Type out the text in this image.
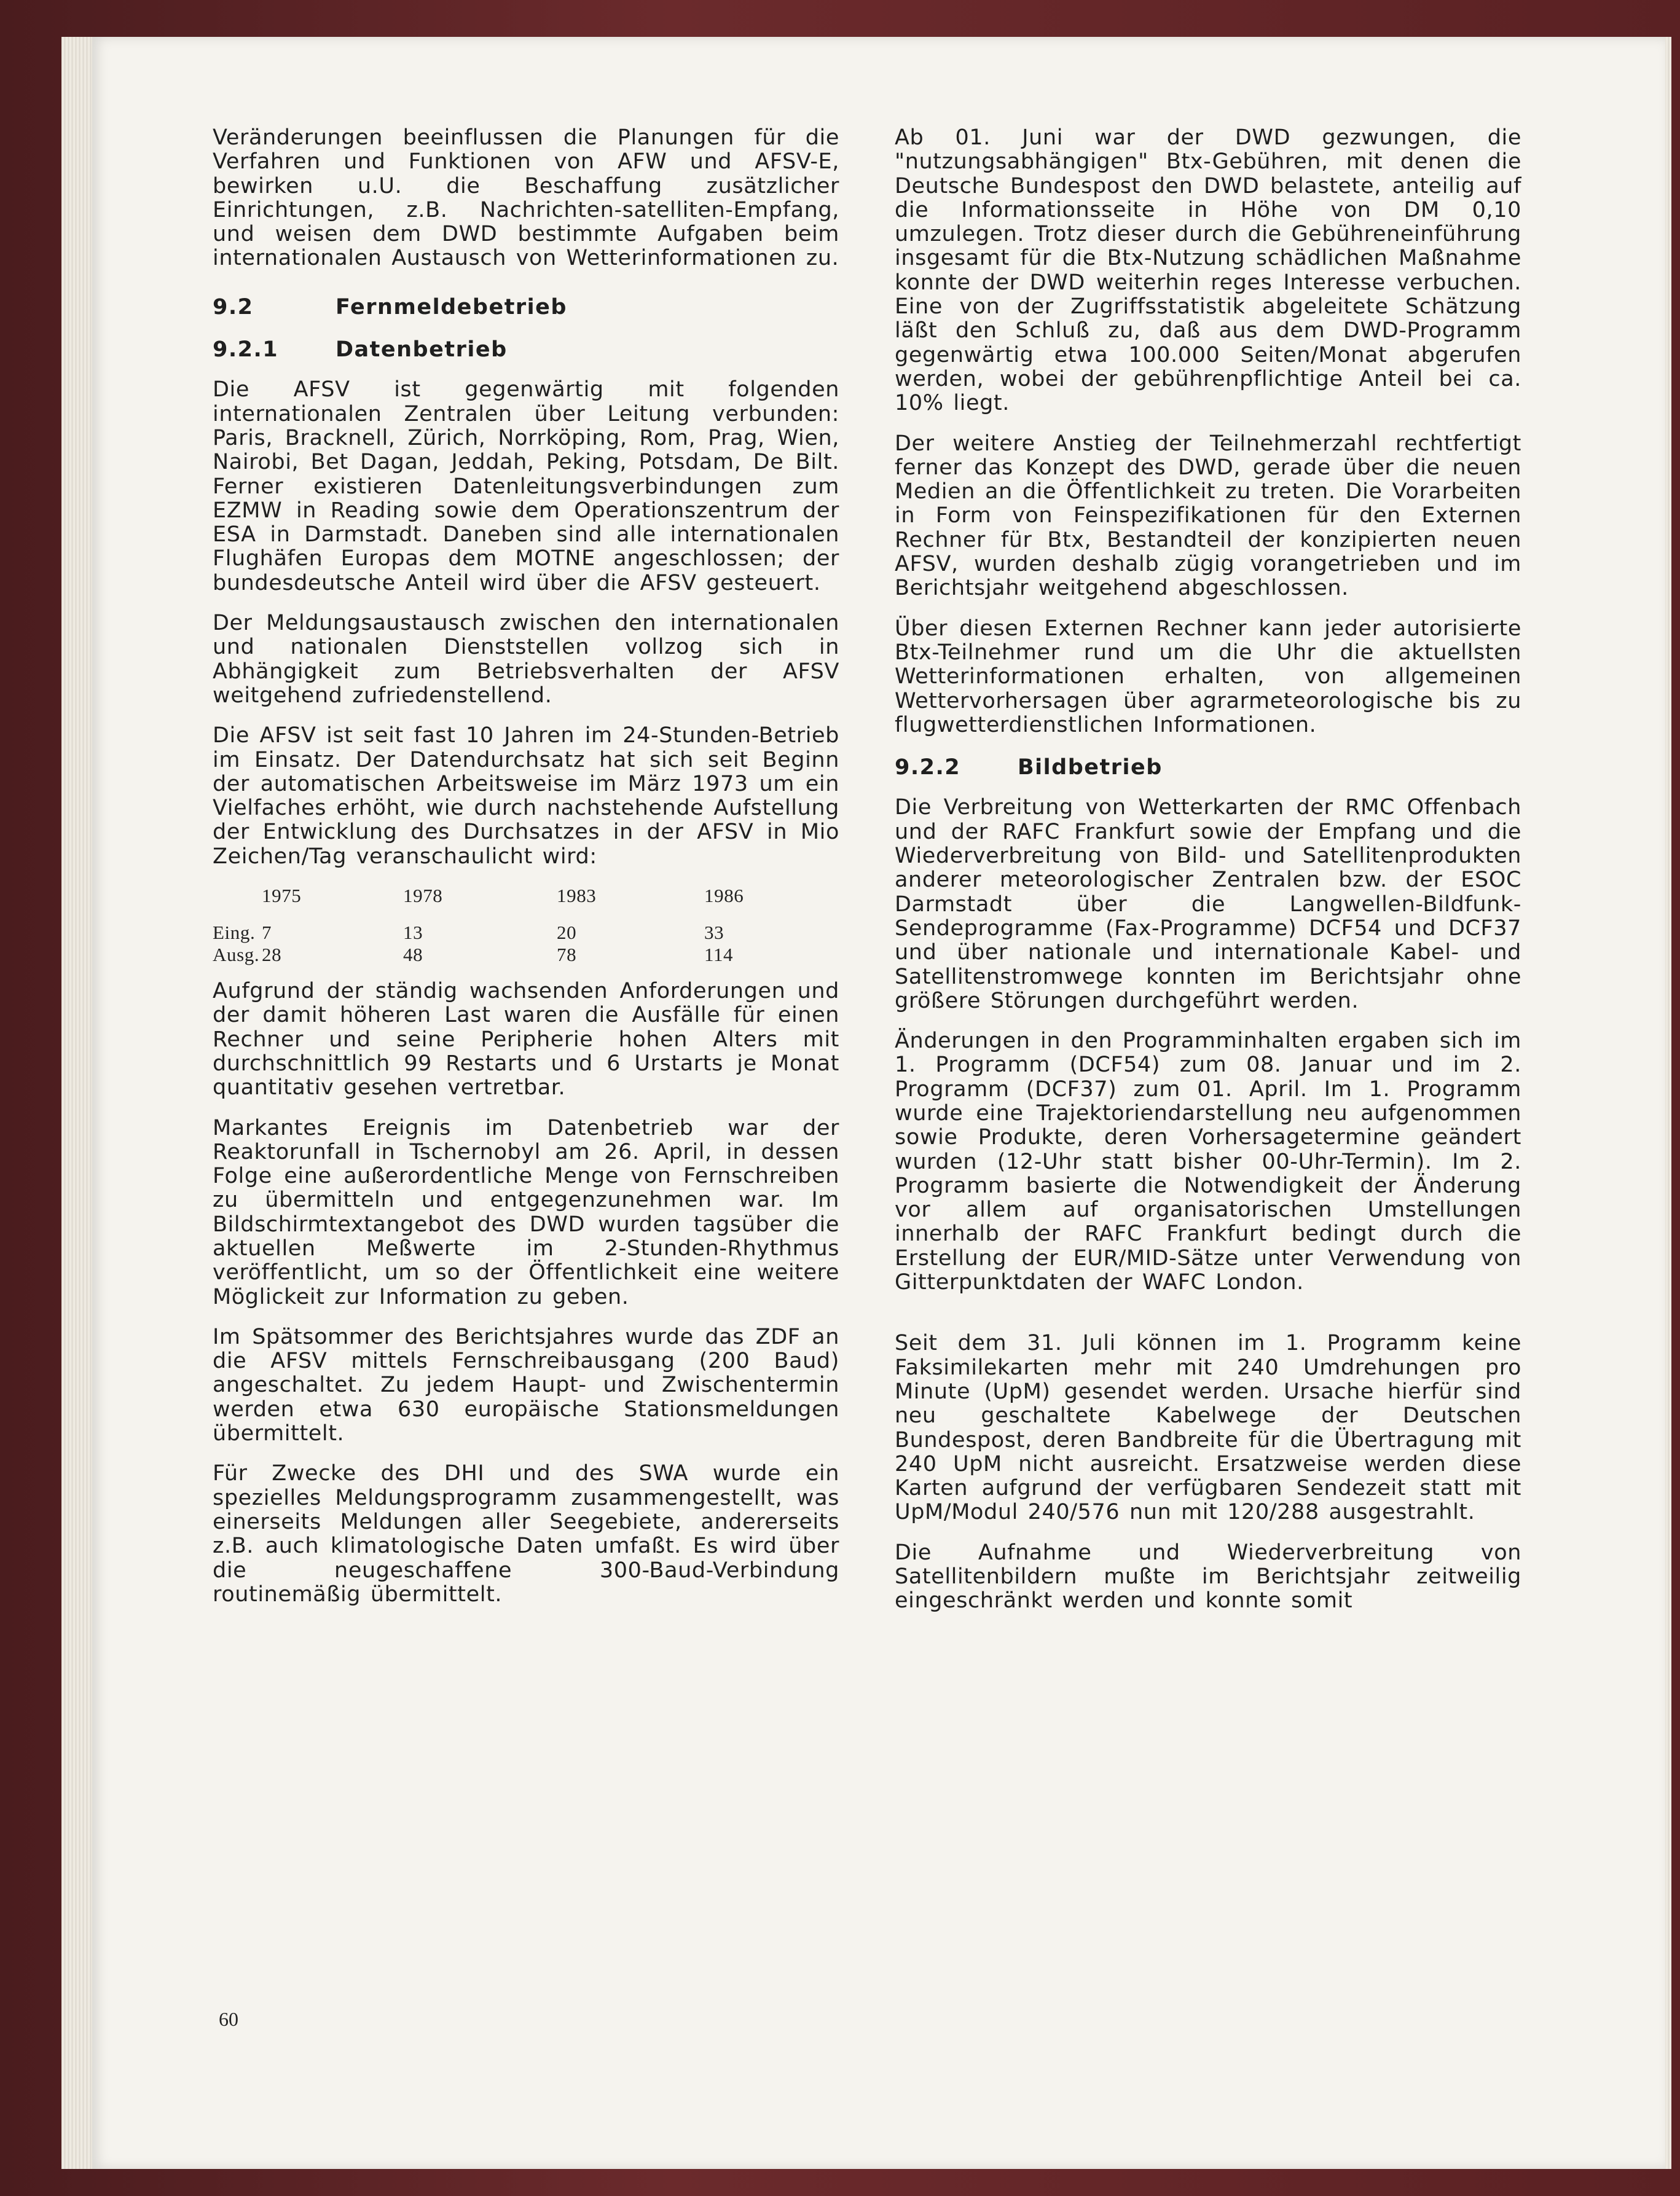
Veränderungen beeinflussen die Planungen für die Verfahren und Funktionen von AFW und AFSV-E, bewirken u.U. die Beschaffung zusätzlicher Einrichtungen, z.B. Nachrichten-satelliten-Empfang, und weisen dem DWD bestimmte Aufgaben beim internationalen Austausch von Wetterinformationen zu.

9.2	Fernmeldebetrieb
9.2.1	Datenbetrieb

Die AFSV ist gegenwärtig mit folgenden internationalen Zentralen über Leitung verbunden: Paris, Bracknell, Zürich, Norrköping, Rom, Prag, Wien, Nairobi, Bet Dagan, Jeddah, Peking, Potsdam, De Bilt. Ferner existieren Datenleitungsverbindungen zum EZMW in Reading sowie dem Operationszentrum der ESA in Darmstadt. Daneben sind alle internationalen Flughäfen Europas dem MOTNE angeschlossen; der bundesdeutsche Anteil wird über die AFSV gesteuert.

Der Meldungsaustausch zwischen den internationalen und nationalen Dienststellen vollzog sich in Abhängigkeit zum Betriebsverhalten der AFSV weitgehend zufriedenstellend.

Die AFSV ist seit fast 10 Jahren im 24-Stunden-Betrieb im Einsatz. Der Datendurchsatz hat sich seit Beginn der automatischen Arbeitsweise im März 1973 um ein Vielfaches erhöht, wie durch nachstehende Aufstellung der Entwicklung des Durchsatzes in der AFSV in Mio Zeichen/Tag veranschaulicht wird:

	1975	1978	1983	1986
Eing.	7	13	20	33
Ausg.	28	48	78	114

Aufgrund der ständig wachsenden Anforderungen und der damit höheren Last waren die Ausfälle für einen Rechner und seine Peripherie hohen Alters mit durchschnittlich 99 Restarts und 6 Urstarts je Monat quantitativ gesehen vertretbar.

Markantes Ereignis im Datenbetrieb war der Reaktorunfall in Tschernobyl am 26. April, in dessen Folge eine außerordentliche Menge von Fernschreiben zu übermitteln und entgegenzunehmen war. Im Bildschirmtextangebot des DWD wurden tagsüber die aktuellen Meßwerte im 2-Stunden-Rhythmus veröffentlicht, um so der Öffentlichkeit eine weitere Möglickeit zur Information zu geben.

Im Spätsommer des Berichtsjahres wurde das ZDF an die AFSV mittels Fernschreibausgang (200 Baud) angeschaltet. Zu jedem Haupt- und Zwischentermin werden etwa 630 europäische Stationsmeldungen übermittelt.

Für Zwecke des DHI und des SWA wurde ein spezielles Meldungsprogramm zusammengestellt, was einerseits Meldungen aller Seegebiete, andererseits z.B. auch klimatologische Daten umfaßt. Es wird über die neugeschaffene 300-Baud-Verbindung routinemäßig übermittelt.

Ab 01. Juni war der DWD gezwungen, die "nutzungsabhängigen" Btx-Gebühren, mit denen die Deutsche Bundespost den DWD belastete, anteilig auf die Informationsseite in Höhe von DM 0,10 umzulegen. Trotz dieser durch die Gebühreneinführung insgesamt für die Btx-Nutzung schädlichen Maßnahme konnte der DWD weiterhin reges Interesse verbuchen. Eine von der Zugriffsstatistik abgeleitete Schätzung läßt den Schluß zu, daß aus dem DWD-Programm gegenwärtig etwa 100.000 Seiten/Monat abgerufen werden, wobei der gebührenpflichtige Anteil bei ca. 10% liegt.

Der weitere Anstieg der Teilnehmerzahl rechtfertigt ferner das Konzept des DWD, gerade über die neuen Medien an die Öffentlichkeit zu treten. Die Vorarbeiten in Form von Feinspezifikationen für den Externen Rechner für Btx, Bestandteil der konzipierten neuen AFSV, wurden deshalb zügig vorangetrieben und im Berichtsjahr weitgehend abgeschlossen.

Über diesen Externen Rechner kann jeder autorisierte Btx-Teilnehmer rund um die Uhr die aktuellsten Wetterinformationen erhalten, von allgemeinen Wettervorhersagen über agrarmeteorologische bis zu flugwetterdienstlichen Informationen.

9.2.2	Bildbetrieb

Die Verbreitung von Wetterkarten der RMC Offenbach und der RAFC Frankfurt sowie der Empfang und die Wiederverbreitung von Bild- und Satellitenprodukten anderer meteorologischer Zentralen bzw. der ESOC Darmstadt über die Langwellen-Bildfunk-Sendeprogramme (Fax-Programme) DCF54 und DCF37 und über nationale und internationale Kabel- und Satellitenstromwege konnten im Berichtsjahr ohne größere Störungen durchgeführt werden.

Änderungen in den Programminhalten ergaben sich im 1. Programm (DCF54) zum 08. Januar und im 2. Programm (DCF37) zum 01. April. Im 1. Programm wurde eine Trajektoriendarstellung neu aufgenommen sowie Produkte, deren Vorhersagetermine geändert wurden (12-Uhr statt bisher 00-Uhr-Termin). Im 2. Programm basierte die Notwendigkeit der Änderung vor allem auf organisatorischen Umstellungen innerhalb der RAFC Frankfurt bedingt durch die Erstellung der EUR/MID-Sätze unter Verwendung von Gitterpunktdaten der WAFC London.

Seit dem 31. Juli können im 1. Programm keine Faksimilekarten mehr mit 240 Umdrehungen pro Minute (UpM) gesendet werden. Ursache hierfür sind neu geschaltete Kabelwege der Deutschen Bundespost, deren Bandbreite für die Übertragung mit 240 UpM nicht ausreicht. Ersatzweise werden diese Karten aufgrund der verfügbaren Sendezeit statt mit UpM/Modul 240/576 nun mit 120/288 ausgestrahlt.

Die Aufnahme und Wiederverbreitung von Satellitenbildern mußte im Berichtsjahr zeitweilig eingeschränkt werden und konnte somit

60
